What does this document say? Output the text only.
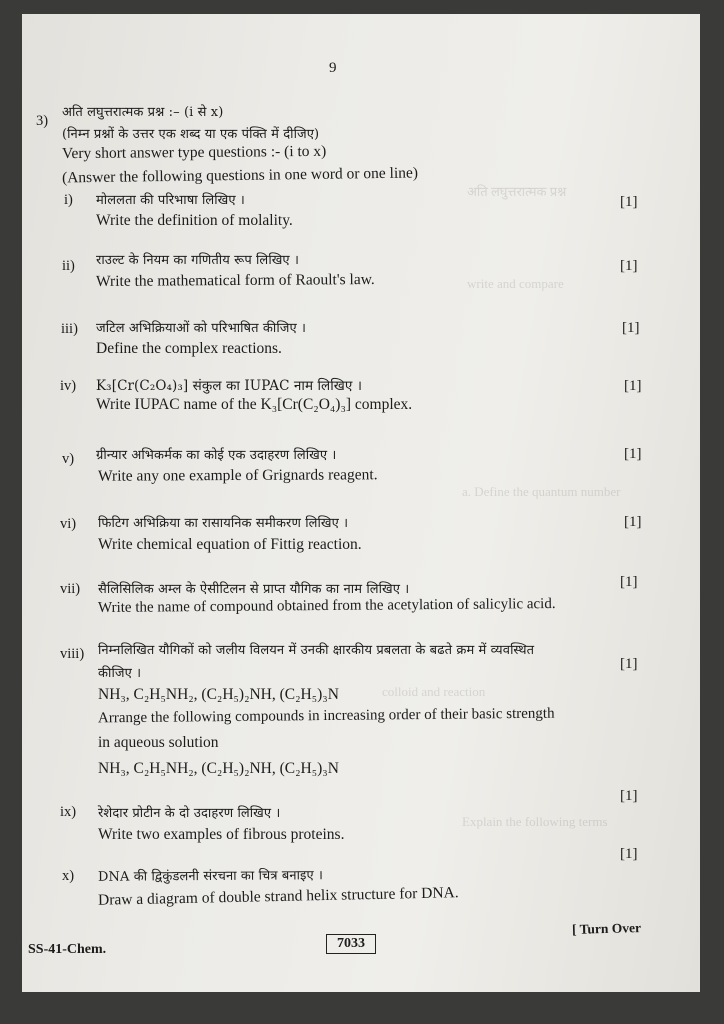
अति लघुत्तरात्मक प्रश्न
write and compare
a. Define the quantum number
colloid and reaction
Explain the following terms
9
3)
अति लघुत्तरात्मक प्रश्न :– (i से x)
(निम्न प्रश्नों के उत्तर एक शब्द या एक पंक्ति में दीजिए)
Very short answer type questions :- (i to x)
(Answer the following questions in one word or one line)
i) मोललता की परिभाषा लिखिए ।	[1]
Write the definition of molality.
ii) राउल्ट के नियम का गणितीय रूप लिखिए ।	[1]
Write the mathematical form of Raoult's law.
iii) जटिल अभिक्रियाओं को परिभाषित कीजिए ।	[1]
Define the complex reactions.
iv) K₃[Cr(C₂O₄)₃] संकुल का IUPAC नाम लिखिए ।	[1]
Write IUPAC name of the K₃[Cr(C₂O₄)₃] complex.
v) ग्रीन्यार अभिकर्मक का कोई एक उदाहरण लिखिए ।	[1]
Write any one example of Grignards reagent.
vi) फिटिग अभिक्रिया का रासायनिक समीकरण लिखिए ।	[1]
Write chemical equation of Fittig reaction.
vii) सैलिसिलिक अम्ल के ऐसीटिलन से प्राप्त यौगिक का नाम लिखिए ।	[1]
Write the name of compound obtained from the acetylation of salicylic acid.
viii) निम्नलिखित यौगिकों को जलीय विलयन में उनकी क्षारकीय प्रबलता के बढते क्रम में व्यवस्थित
कीजिए ।
[1]
NH₃, C₂H₅NH₂, (C₂H₅)₂NH, (C₂H₅)₃N
Arrange the following compounds in increasing order of their basic strength
in aqueous solution
NH₃, C₂H₅NH₂, (C₂H₅)₂NH, (C₂H₅)₃N
ix) रेशेदार प्रोटीन के दो उदाहरण लिखिए ।
[1]
Write two examples of fibrous proteins.
x) DNA की द्विकुंडलनी संरचना का चित्र बनाइए ।
[1]
Draw a diagram of double strand helix structure for DNA.
SS-41-Chem.	7033
[ Turn Over
